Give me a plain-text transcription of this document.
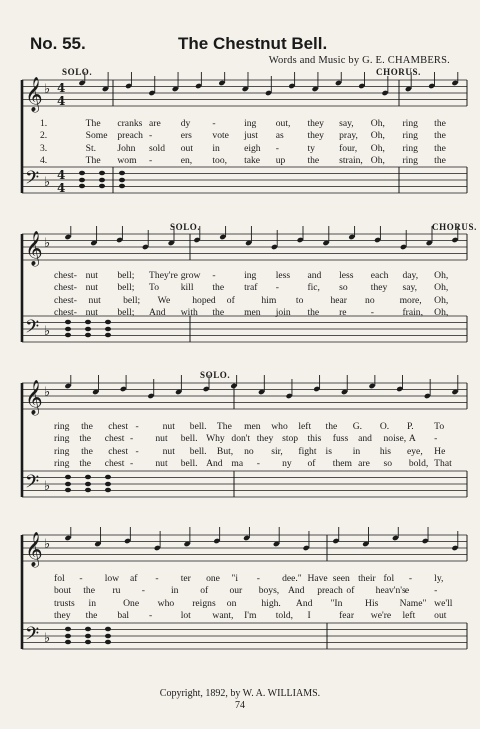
No. 55.	The Chestnut Bell.
Words and Music by G. E. CHAMBERS.
SOLO.	CHORUS.
SOLO.	CHORUS.
SOLO.
𝄞 ♭ 4
4
𝄢 ♭ 4
4
𝄞 ♭
𝄢 ♭
𝄞 ♭
𝄢 ♭
𝄞 ♭
𝄢 ♭
1.	The cranks are dy -	ing out, they say, Oh, ring the
2.	Some preach -	ers vote just as they pray, Oh, ring the
3.	St. John sold out in	eigh -	ty	four, Oh, ring the
4.	The wom -	en, too, take up the strain, Oh, ring the
chest- nut bell; They're grow -	ing less and less each day, Oh,
chest- nut bell; To kill the traf -	fic, so they say, Oh,
chest- nut bell; We hoped of	him to	hear no	more, Oh,
chest- nut bell; And with the men join the re	-	frain, Oh,
ring the chest - nut bell. The men who left the G. O. P. To
ring the chest - nut bell. Why don't they stop this fuss and noise, A -
ring the chest - nut bell. But, no sir, fight is in his eye, He
ring the chest - nut bell. And ma - ny of them are so bold, That
fol - low af - ter one "i - dee." Have seen their fol - ly,
bout the ru -	in of our boys, And preach of heav'n's e	-
trusts in	One who reigns on	high. And "In His Name" we'll
they the bal -	lot want, I'm told, I	fear we're left out
Copyright, 1892, by W. A. WILLIAMS.
74
